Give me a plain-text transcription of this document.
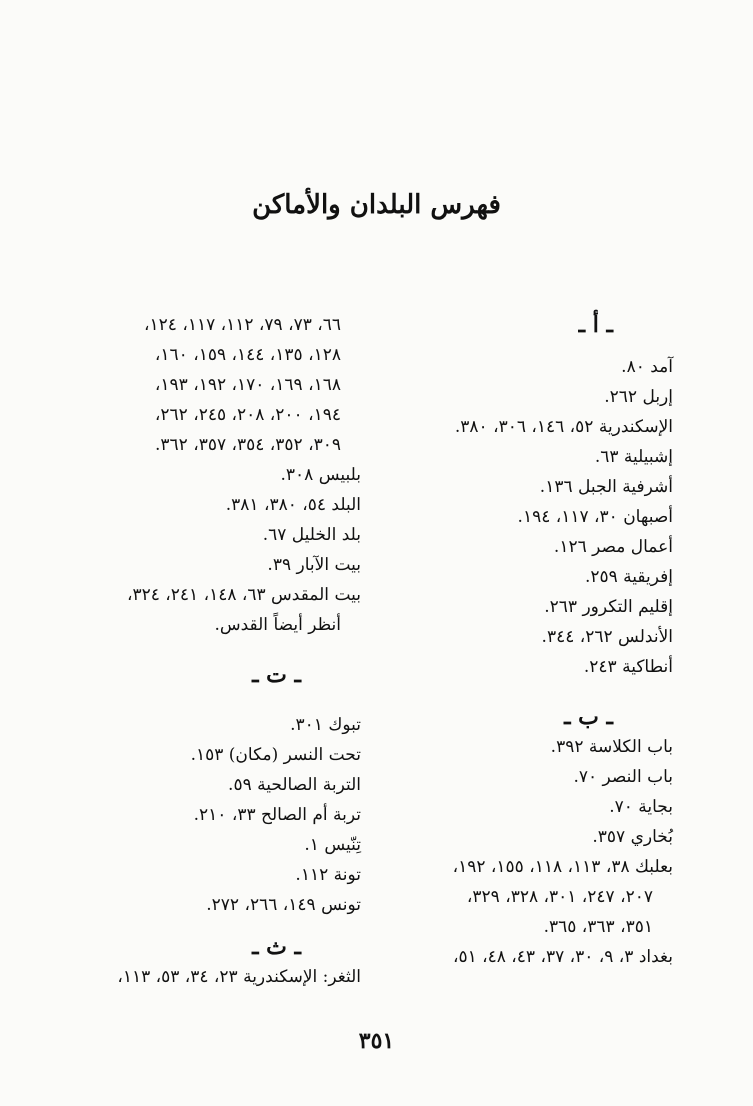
فهرس البلدان والأماكن
ـ أ ـ
آمد ٨٠.
إربل ٢٦٢.
الإسكندرية ٥٢، ١٤٦، ٣٠٦، ٣٨٠.
إشبيلية ٦٣.
أشرفية الجبل ١٣٦.
أصبهان ٣٠، ١١٧، ١٩٤.
أعمال مصر ١٢٦.
إفريقية ٢٥٩.
إقليم التكرور ٢٦٣.
الأندلس ٢٦٢، ٣٤٤.
أنطاكية ٢٤٣.
ـ ب ـ
باب الكلاسة ٣٩٢.
باب النصر ٧٠.
بجاية ٧٠.
بُخاري ٣٥٧.
بعلبك ٣٨، ١١٣، ١١٨، ١٥٥، ١٩٢،
٢٠٧، ٢٤٧، ٣٠١، ٣٢٨، ٣٢٩،
٣٥١، ٣٦٣، ٣٦٥.
بغداد ٣، ٩، ٣٠، ٣٧، ٤٣، ٤٨، ٥١،
٦٦، ٧٣، ٧٩، ١١٢، ١١٧، ١٢٤،
١٢٨، ١٣٥، ١٤٤، ١٥٩، ١٦٠،
١٦٨، ١٦٩، ١٧٠، ١٩٢، ١٩٣،
١٩٤، ٢٠٠، ٢٠٨، ٢٤٥، ٢٦٢،
٣٠٩، ٣٥٢، ٣٥٤، ٣٥٧، ٣٦٢.
بلبيس ٣٠٨.
البلد ٥٤، ٣٨٠، ٣٨١.
بلد الخليل ٦٧.
بيت الآبار ٣٩.
بيت المقدس ٦٣، ١٤٨، ٢٤١، ٣٢٤،
أنظر أيضاً القدس.
ـ ت ـ
تبوك ٣٠١.
تحت النسر (مكان) ١٥٣.
التربة الصالحية ٥٩.
تربة أم الصالح ٣٣، ٢١٠.
تِنّيس ١.
تونة ١١٢.
تونس ١٤٩، ٢٦٦، ٢٧٢.
ـ ث ـ
الثغر: الإسكندرية ٢٣، ٣٤، ٥٣، ١١٣،
٣٥١
